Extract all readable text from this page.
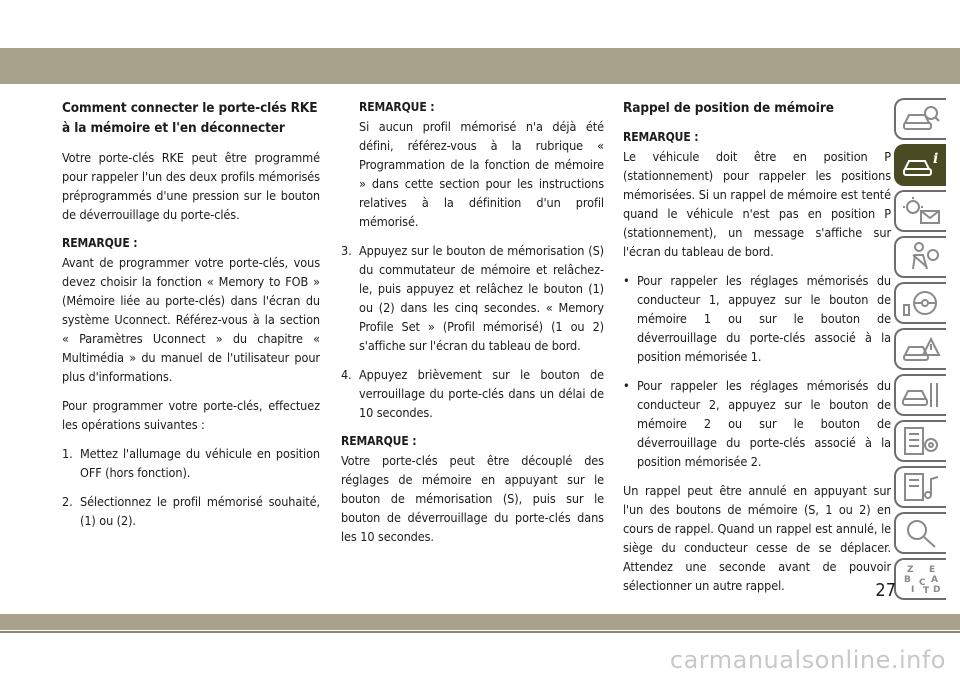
Comment connecter le porte-clés RKE à la mémoire et l'en déconnecter

Votre porte-clés RKE peut être programmé pour rappeler l'un des deux profils mémorisés préprogrammés d'une pression sur le bouton de déverrouillage du porte-clés.

REMARQUE :

Avant de programmer votre porte-clés, vous devez choisir la fonction « Memory to FOB » (Mémoire liée au porte-clés) dans l'écran du système Uconnect. Référez-vous à la section « Paramètres Uconnect » du chapitre « Multimédia » du manuel de l'utilisateur pour plus d'informations.

Pour programmer votre porte-clés, effectuez les opérations suivantes :

1. Mettez l'allumage du véhicule en position OFF (hors fonction).
2. Sélectionnez le profil mémorisé souhaité, (1) ou (2).
REMARQUE :

Si aucun profil mémorisé n'a déjà été défini, référez-vous à la rubrique « Programmation de la fonction de mémoire » dans cette section pour les instructions relatives à la définition d'un profil mémorisé.

3. Appuyez sur le bouton de mémorisation (S) du commutateur de mémoire et relâchez-le, puis appuyez et relâchez le bouton (1) ou (2) dans les cinq secondes. « Memory Profile Set » (Profil mémorisé) (1 ou 2) s'affiche sur l'écran du tableau de bord.
4. Appuyez brièvement sur le bouton de verrouillage du porte-clés dans un délai de 10 secondes.
REMARQUE :

Votre porte-clés peut être découplé des réglages de mémoire en appuyant sur le bouton de mémorisation (S), puis sur le bouton de déverrouillage du porte-clés dans les 10 secondes.

Rappel de position de mémoire
REMARQUE :

Le véhicule doit être en position P (stationnement) pour rappeler les positions mémorisées. Si un rappel de mémoire est tenté quand le véhicule n'est pas en position P (stationnement), un message s'affiche sur l'écran du tableau de bord.

• Pour rappeler les réglages mémorisés du conducteur 1, appuyez sur le bouton de mémoire 1 ou sur le bouton de déverrouillage du porte-clés associé à la position mémorisée 1.
• Pour rappeler les réglages mémorisés du conducteur 2, appuyez sur le bouton de mémoire 2 ou sur le bouton de déverrouillage du porte-clés associé à la position mémorisée 2.

Un rappel peut être annulé en appuyant sur l'un des boutons de mémoire (S, 1 ou 2) en cours de rappel. Quand un rappel est annulé, le siège du conducteur cesse de se déplacer. Attendez une seconde avant de pouvoir sélectionner un autre rappel.

i
Z E
B A
I
C
T D
27
carmanualsonline.info
